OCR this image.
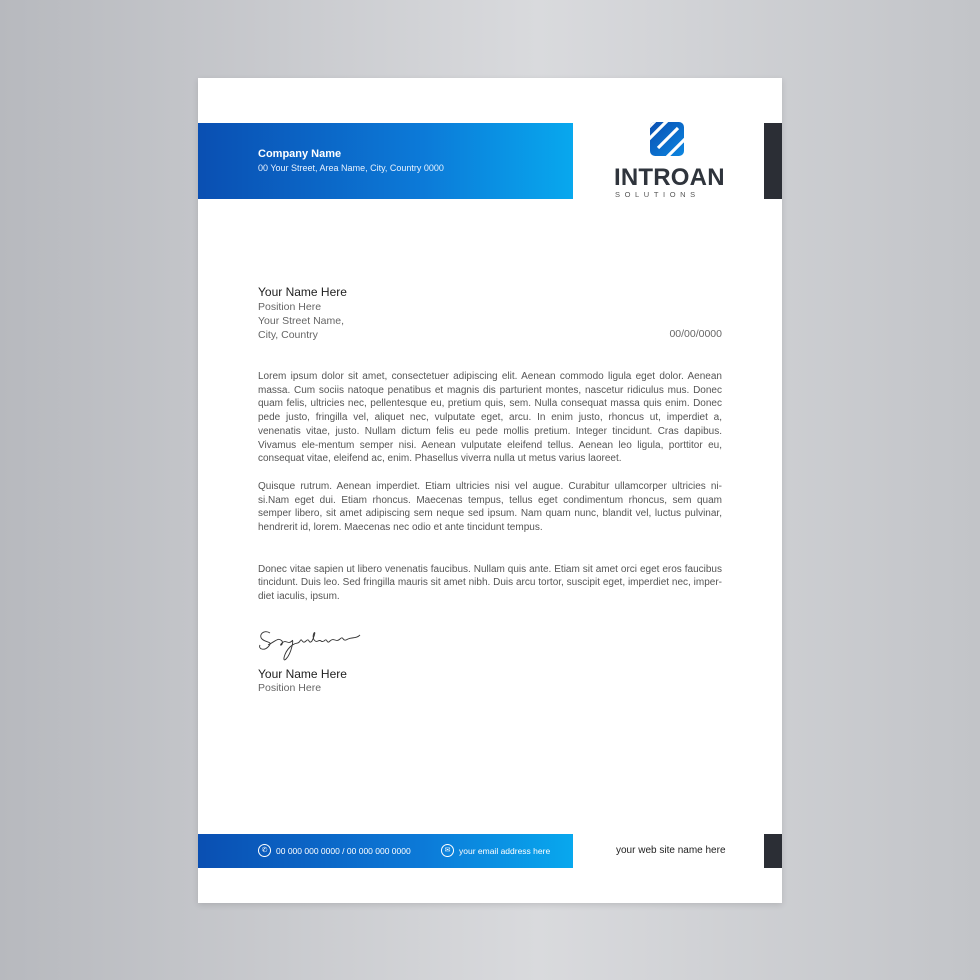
Company Name
00 Your Street, Area Name, City, Country 0000	INTROAN
SOLUTIONS
Your Name Here
Position Here
Your Street Name,
City, Country	00/00/0000

Lorem ipsum dolor sit amet, consectetuer adipiscing elit. Aenean commodo ligula eget dolor. Aenean massa. Cum sociis natoque penatibus et magnis dis parturient montes, nascetur ridiculus mus. Donec quam felis, ultricies nec, pellentesque eu, pretium quis, sem. Nulla consequat massa quis enim. Donec pede justo, fringilla vel, aliquet nec, vulputate eget, arcu. In enim justo, rhoncus ut, imperdiet a, venenatis vitae, justo. Nullam dictum felis eu pede mollis pretium. Integer tincidunt. Cras dapibus. Vivamus ele-mentum semper nisi. Aenean vulputate eleifend tellus. Aenean leo ligula, porttitor eu, consequat vitae, eleifend ac, enim. Phasellus viverra nulla ut metus varius laoreet.

Quisque rutrum. Aenean imperdiet. Etiam ultricies nisi vel augue. Curabitur ullamcorper ultricies ni-si.Nam eget dui. Etiam rhoncus. Maecenas tempus, tellus eget condimentum rhoncus, sem quam semper libero, sit amet adipiscing sem neque sed ipsum. Nam quam nunc, blandit vel, luctus pulvinar, hendrerit id, lorem. Maecenas nec odio et ante tincidunt tempus.

Donec vitae sapien ut libero venenatis faucibus. Nullam quis ante. Etiam sit amet orci eget eros faucibus tincidunt. Duis leo. Sed fringilla mauris sit amet nibh. Duis arcu tortor, suscipit eget, imperdiet nec, imper-diet iaculis, ipsum.

Your Name Here
Position Here
✆	00 000 000 0000 / 00 000 000 0000	✉	your email address here	your web site name here
